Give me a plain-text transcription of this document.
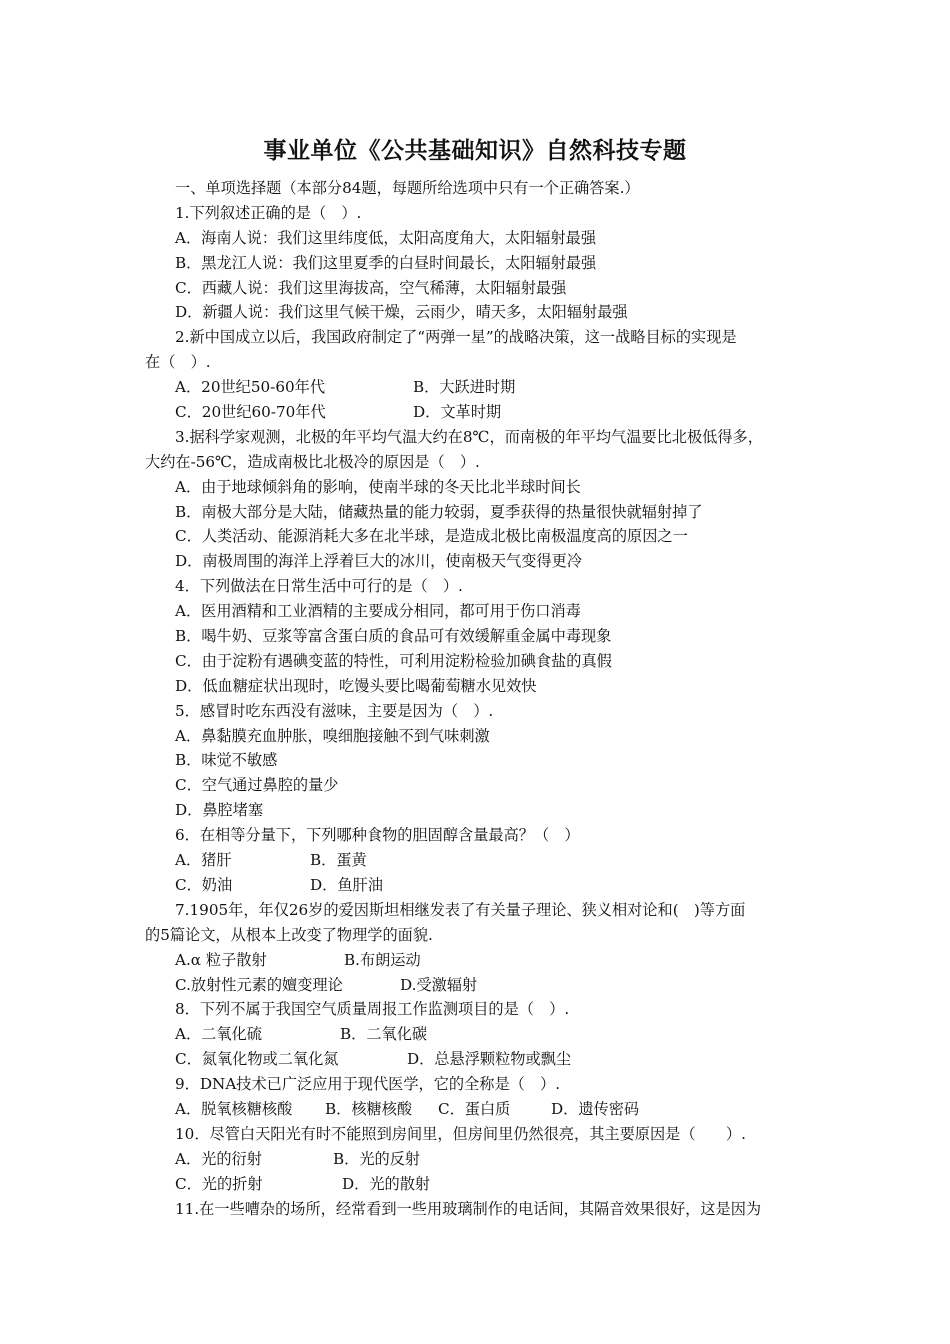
事业单位《公共基础知识》自然科技专题
一、单项选择题（本部分84题，每题所给选项中只有一个正确答案.）
1.下列叙述正确的是（　）.
A．海南人说：我们这里纬度低，太阳高度角大，太阳辐射最强
B．黑龙江人说：我们这里夏季的白昼时间最长，太阳辐射最强
C．西藏人说：我们这里海拔高，空气稀薄，太阳辐射最强
D．新疆人说：我们这里气候干燥，云雨少，晴天多，太阳辐射最强
2.新中国成立以后，我国政府制定了“两弹一星”的战略决策，这一战略目标的实现是
在（　）.
A．20世纪50-60年代	B．大跃进时期
C．20世纪60-70年代	D．文革时期
3.据科学家观测，北极的年平均气温大约在8℃，而南极的年平均气温要比北极低得多，
大约在-56℃，造成南极比北极冷的原因是（　）.
A．由于地球倾斜角的影响，使南半球的冬天比北半球时间长
B．南极大部分是大陆，储藏热量的能力较弱，夏季获得的热量很快就辐射掉了
C．人类活动、能源消耗大多在北半球，是造成北极比南极温度高的原因之一
D．南极周围的海洋上浮着巨大的冰川，使南极天气变得更冷
4．下列做法在日常生活中可行的是（　）.
A．医用酒精和工业酒精的主要成分相同，都可用于伤口消毒
B．喝牛奶、豆浆等富含蛋白质的食品可有效缓解重金属中毒现象
C．由于淀粉有遇碘变蓝的特性，可利用淀粉检验加碘食盐的真假
D．低血糖症状出现时，吃馒头要比喝葡萄糖水见效快
5．感冒时吃东西没有滋味，主要是因为（　）.
A．鼻黏膜充血肿胀，嗅细胞接触不到气味刺激
B．味觉不敏感
C．空气通过鼻腔的量少
D．鼻腔堵塞
6．在相等分量下，下列哪种食物的胆固醇含量最高？（　）
A．猪肝	B．蛋黄
C．奶油	D．鱼肝油
7.1905年，年仅26岁的爱因斯坦相继发表了有关量子理论、狭义相对论和(　)等方面
的5篇论文，从根本上改变了物理学的面貌.
A.α 粒子散射	B.布朗运动
C.放射性元素的嬗变理论	D.受激辐射
8．下列不属于我国空气质量周报工作监测项目的是（　）.
A．二氧化硫	B．二氧化碳
C．氮氧化物或二氧化氮	D．总悬浮颗粒物或飘尘
9．DNA技术已广泛应用于现代医学，它的全称是（　）.
A．脱氧核糖核酸 B．核糖核酸 C．蛋白质	D．遗传密码
10．尽管白天阳光有时不能照到房间里，但房间里仍然很亮，其主要原因是（　　）.
A．光的衍射	B．光的反射
C．光的折射	D．光的散射
11.在一些嘈杂的场所，经常看到一些用玻璃制作的电话间，其隔音效果很好，这是因为
